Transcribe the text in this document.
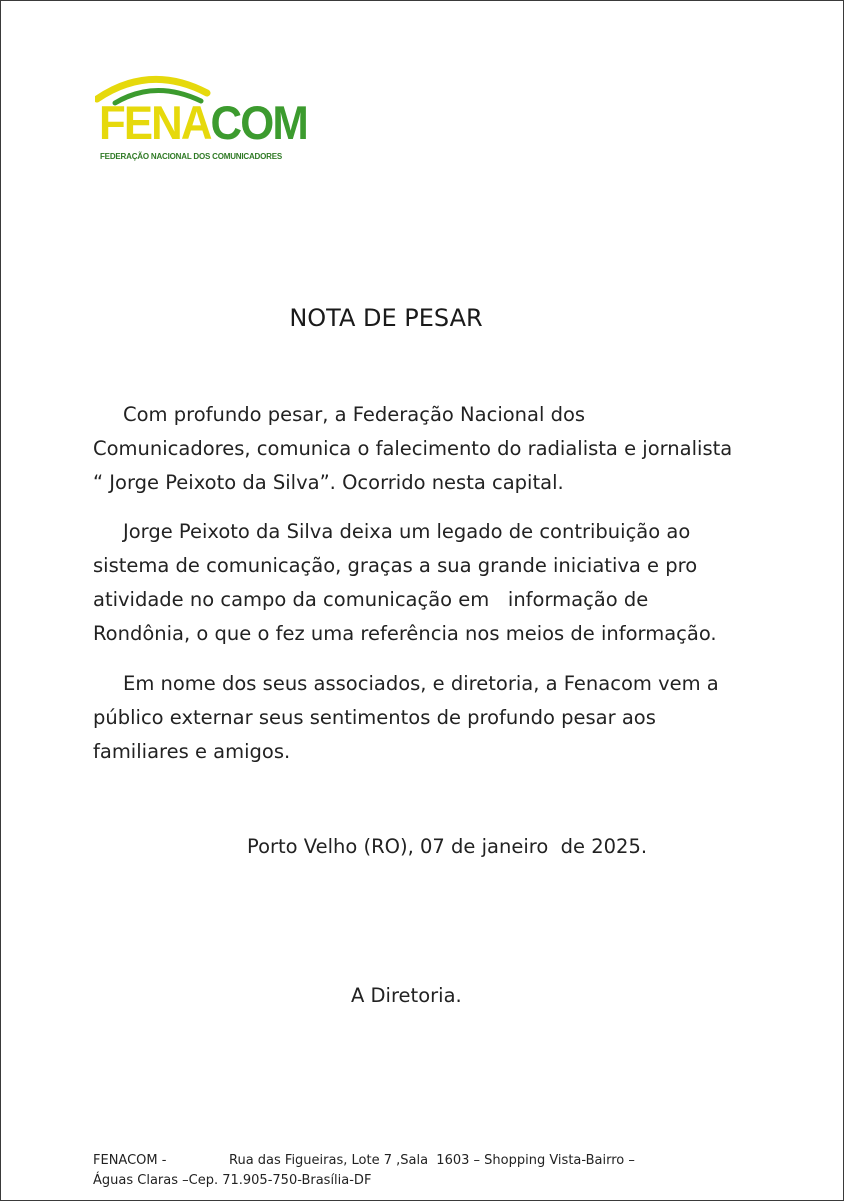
FENACOM
FEDERAÇÃO NACIONAL DOS COMUNICADORES
NOTA DE PESAR
Com profundo pesar, a Federação Nacional dos
Comunicadores, comunica o falecimento do radialista e jornalista
“ Jorge Peixoto da Silva”. Ocorrido nesta capital.
Jorge Peixoto da Silva deixa um legado de contribuição ao
sistema de comunicação, graças a sua grande iniciativa e pro
atividade no campo da comunicação em   informação de
Rondônia, o que o fez uma referência nos meios de informação.
Em nome dos seus associados, e diretoria, a Fenacom vem a
público externar seus sentimentos de profundo pesar aos
familiares e amigos.
Porto Velho (RO), 07 de janeiro  de 2025.
A Diretoria.
FENACOM -	Rua das Figueiras, Lote 7 ,Sala  1603 – Shopping Vista-Bairro –
Águas Claras –Cep. 71.905-750-Brasília-DF
